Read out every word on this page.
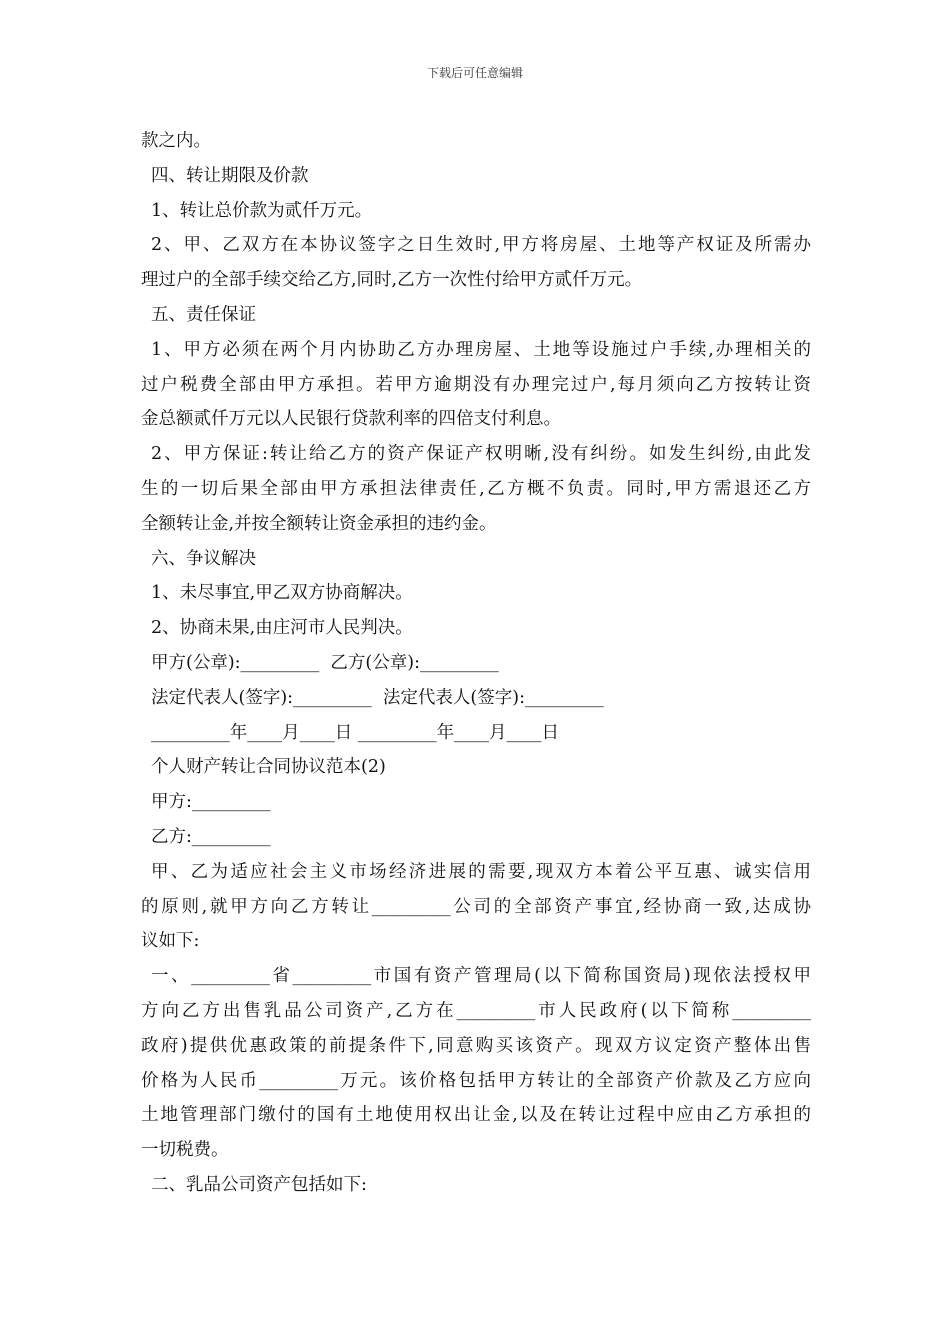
下载后可任意编辑
款之内。
四、转让期限及价款
1、转让总价款为贰仟万元。
2、甲、乙双方在本协议签字之日生效时,甲方将房屋、土地等产权证及所需办
理过户的全部手续交给乙方,同时,乙方一次性付给甲方贰仟万元。
五、责任保证
1、甲方必须在两个月内协助乙方办理房屋、土地等设施过户手续,办理相关的
过户税费全部由甲方承担。若甲方逾期没有办理完过户,每月须向乙方按转让资
金总额贰仟万元以人民银行贷款利率的四倍支付利息。
2、甲方保证:转让给乙方的资产保证产权明晰,没有纠纷。如发生纠纷,由此发
生的一切后果全部由甲方承担法律责任,乙方概不负责。同时,甲方需退还乙方
全额转让金,并按全额转让资金承担的违约金。
六、争议解决
1、未尽事宜,甲乙双方协商解决。
2、协商未果,由庄河市人民判决。
甲方(公章):_________  乙方(公章):_________
法定代表人(签字):_________  法定代表人(签字):_________
_________年____月____日 _________年____月____日
个人财产转让合同协议范本(2)
甲方:_________
乙方:_________
甲、乙为适应社会主义市场经济进展的需要,现双方本着公平互惠、诚实信用
的原则,就甲方向乙方转让_________公司的全部资产事宜,经协商一致,达成协
议如下:
一、_________省_________市国有资产管理局(以下简称国资局)现依法授权甲
方向乙方出售乳品公司资产,乙方在_________市人民政府(以下简称_________
政府)提供优惠政策的前提条件下,同意购买该资产。现双方议定资产整体出售
价格为人民币_________万元。该价格包括甲方转让的全部资产价款及乙方应向
土地管理部门缴付的国有土地使用权出让金,以及在转让过程中应由乙方承担的
一切税费。
二、乳品公司资产包括如下:
